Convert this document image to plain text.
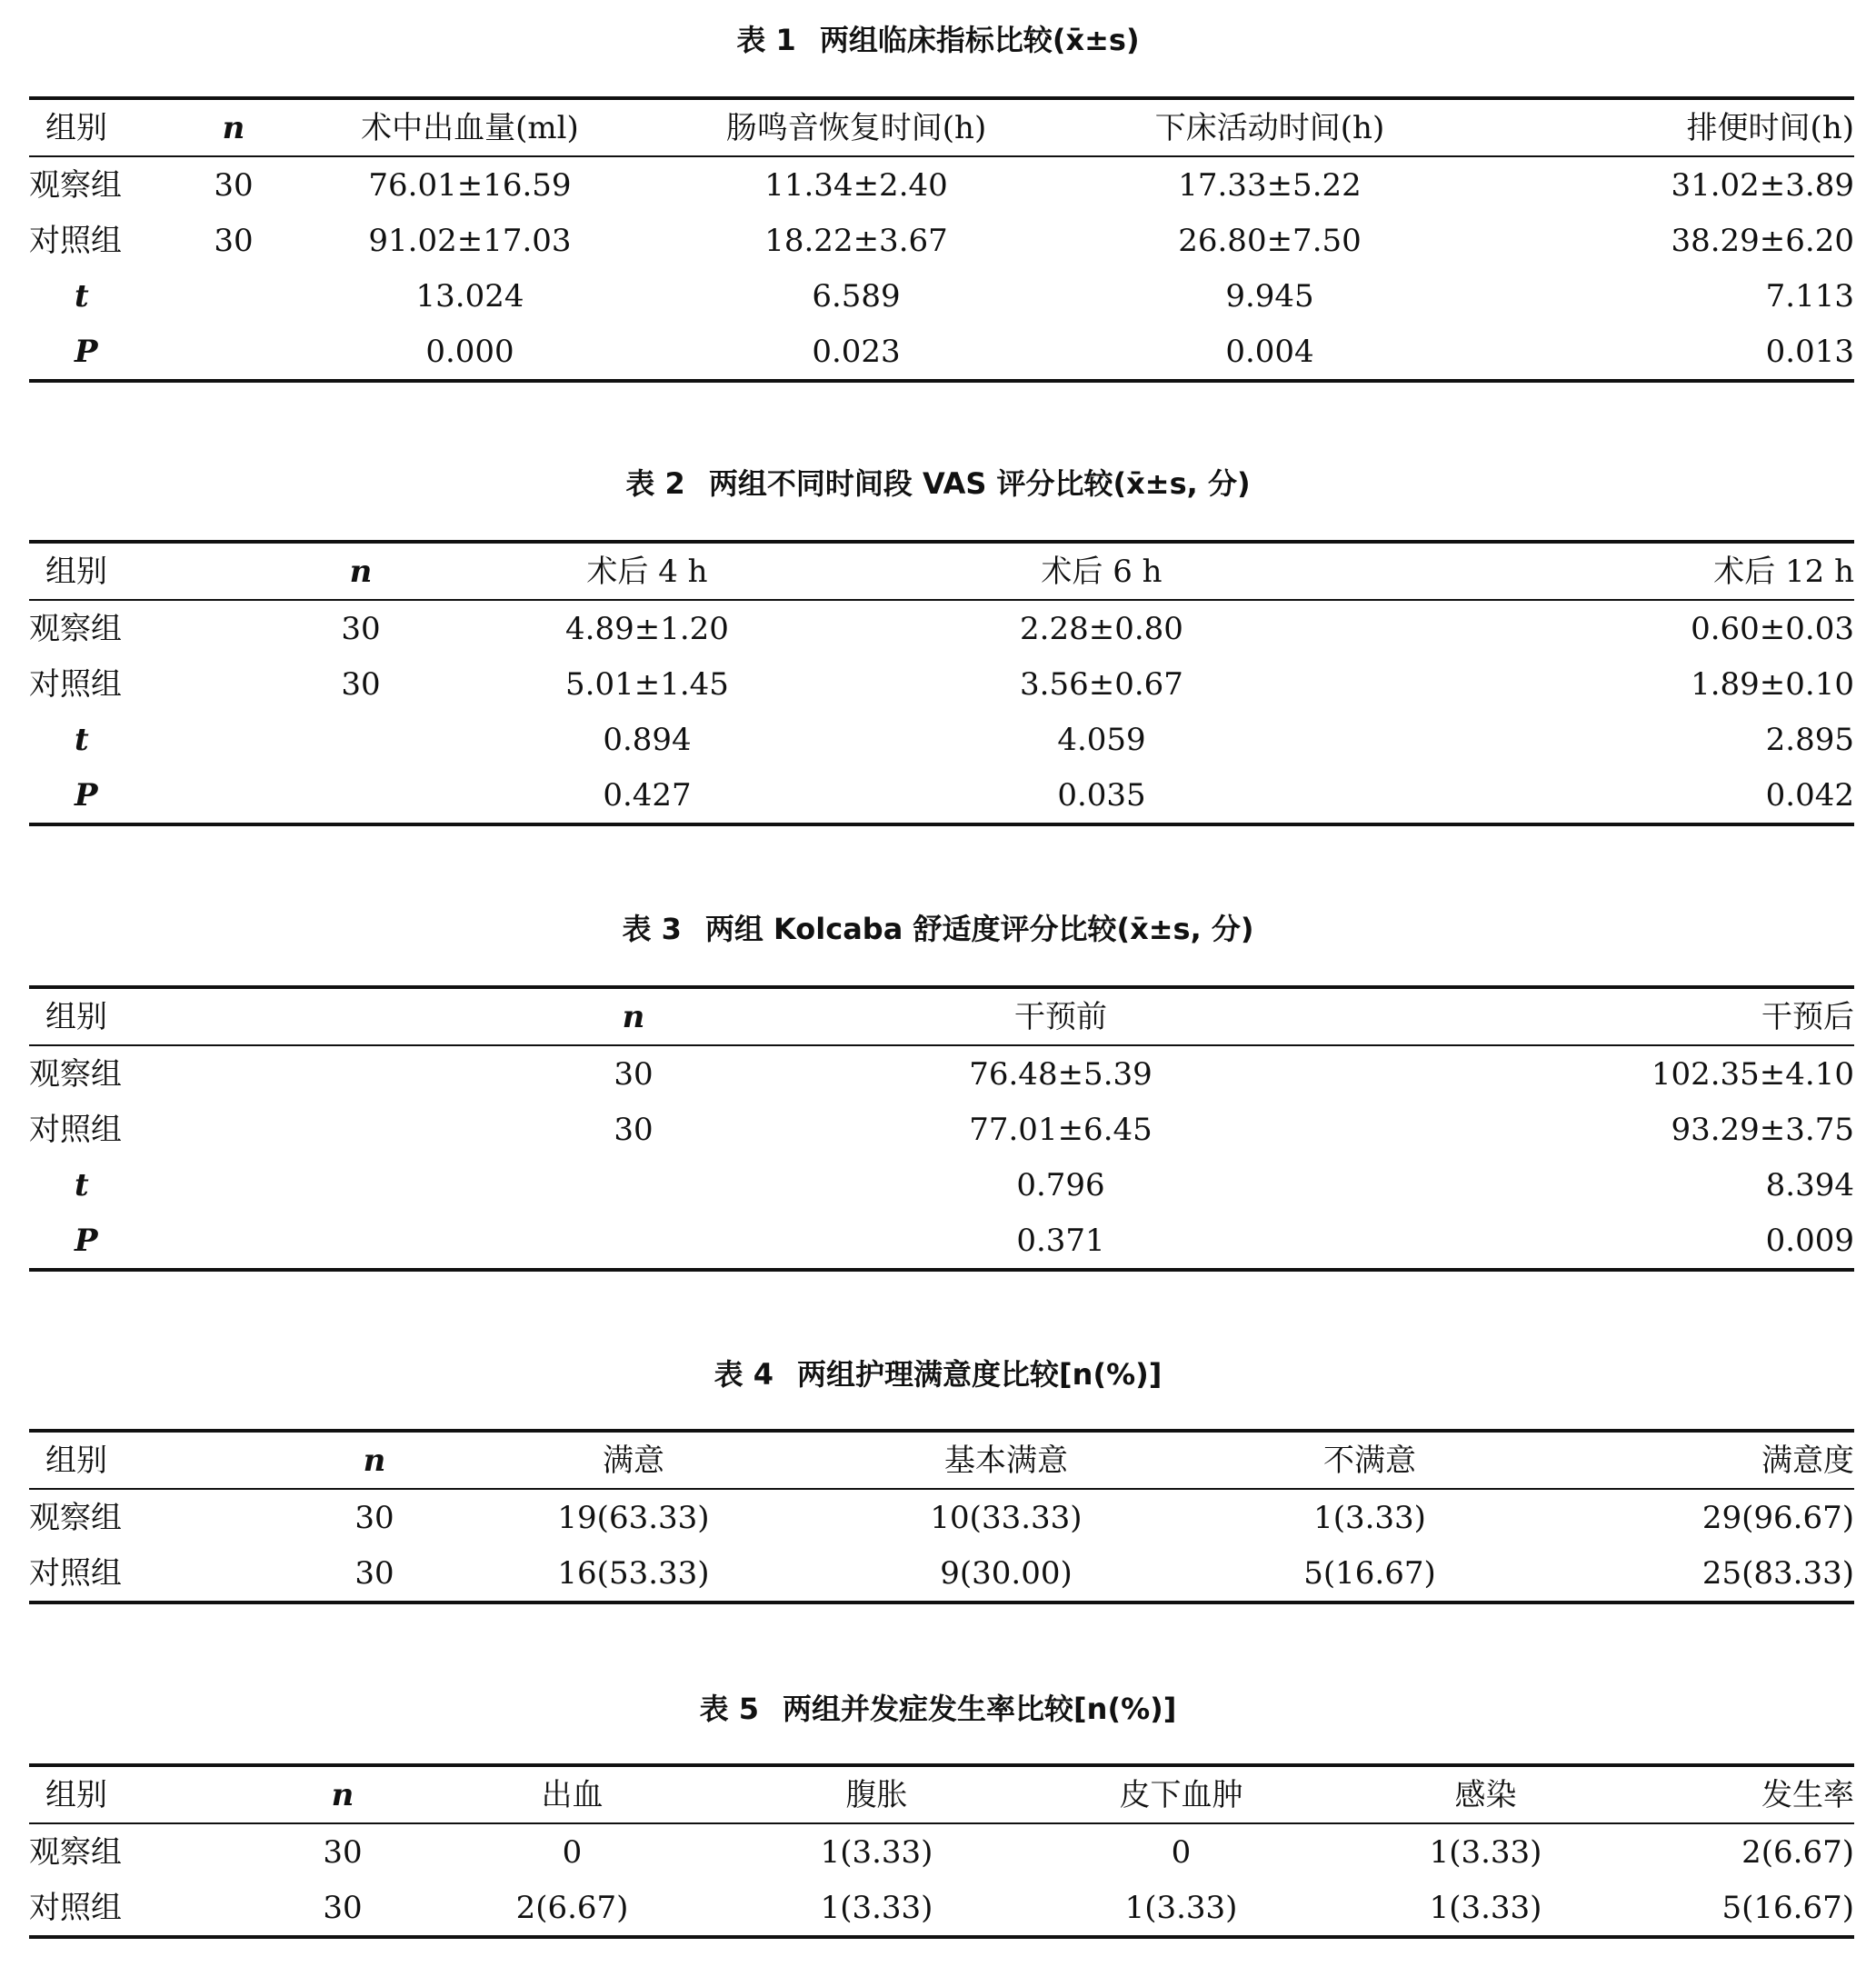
表 1 两组临床指标比较(x̄±s)
组别	n	术中出血量(ml)	肠鸣音恢复时间(h)	下床活动时间(h)	排便时间(h)
观察组	30	76.01±16.59	11.34±2.40	17.33±5.22	31.02±3.89
对照组	30	91.02±17.03	18.22±3.67	26.80±7.50	38.29±6.20
t		13.024	6.589	9.945	7.113
P		0.000	0.023	0.004	0.013
表 2 两组不同时间段 VAS 评分比较(x̄±s, 分)
组别	n	术后 4 h	术后 6 h	术后 12 h
观察组	30	4.89±1.20	2.28±0.80	0.60±0.03
对照组	30	5.01±1.45	3.56±0.67	1.89±0.10
t		0.894	4.059	2.895
P		0.427	0.035	0.042
表 3 两组 Kolcaba 舒适度评分比较(x̄±s, 分)
组别	n	干预前	干预后
观察组	30	76.48±5.39	102.35±4.10
对照组	30	77.01±6.45	93.29±3.75
t		0.796	8.394
P		0.371	0.009
表 4 两组护理满意度比较[n(%)]
组别	n	满意	基本满意	不满意	满意度
观察组	30	19(63.33)	10(33.33)	1(3.33)	29(96.67)
对照组	30	16(53.33)	9(30.00)	5(16.67)	25(83.33)
表 5 两组并发症发生率比较[n(%)]
组别	n	出血	腹胀	皮下血肿	感染	发生率
观察组	30	0	1(3.33)	0	1(3.33)	2(6.67)
对照组	30	2(6.67)	1(3.33)	1(3.33)	1(3.33)	5(16.67)
